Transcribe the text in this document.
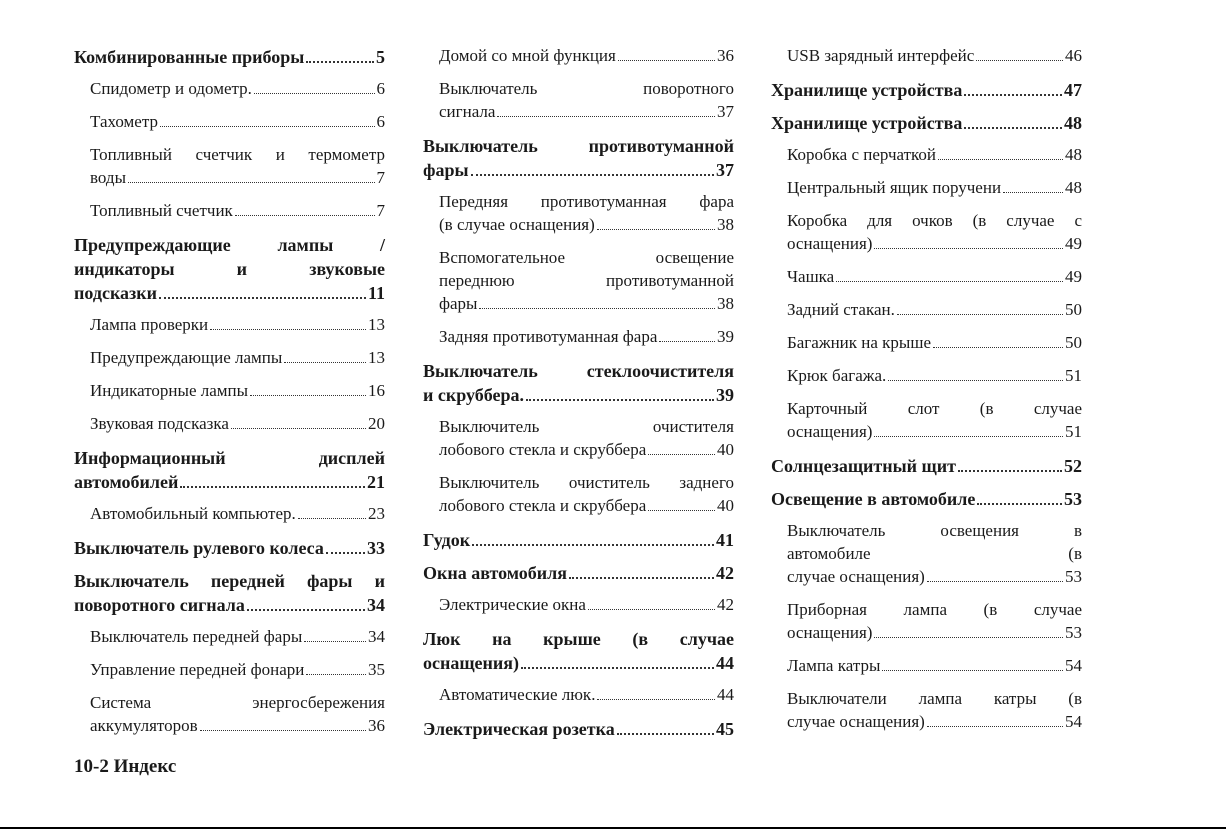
Комбинированные приборы	5
Спидометр и одометр.	6
Тахометр	6
Топливный счетчик и термометр
воды	7
Топливный счетчик	7
Предупреждающие лампы /
индикаторы и звуковые
подсказки	11
Лампа проверки	13
Предупреждающие лампы	13
Индикаторные лампы	16
Звуковая подсказка	20
Информационный дисплей
автомобилей	21
Автомобильный компьютер.	23
Выключатель рулевого колеса 33
Выключатель передней фары и
поворотного сигнала	34
Выключатель передней фары	34
Управление передней фонари	35
Система энергосбережения
аккумуляторов	36
Домой со мной функция	36
Выключатель поворотного
сигнала	37
Выключатель противотуманной
фары	37
Передняя противотуманная фара
(в случае оснащения)	38
Вспомогательное освещение
переднюю противотуманной
фары	38
Задняя противотуманная фара	39
Выключатель стеклоочистителя
и скруббера.	39
Выключитель очистителя
лобового стекла и скруббера	40
Выключитель очиститель заднего
лобового стекла и скруббера	40
Гудок	41
Окна автомобиля	42
Электрические окна	42
Люк на крыше (в случае
оснащения)	44
Автоматические люк.	44
Электрическая розетка	45
USB зарядный интерфейс	46
Хранилище устройства	47
Хранилище устройства	48
Коробка с перчаткой	48
Центральный ящик поручени	48
Коробка для очков (в случае с
оснащения)	49
Чашка	49
Задний стакан.	50
Багажник на крыше	50
Крюк багажа.	51
Карточный слот (в случае
оснащения)	51
Солнцезащитный щит	52
Освещение в автомобиле	53
Выключатель освещения в
автомобиле (в
случае оснащения)	53
Приборная лампа (в случае
оснащения)	53
Лампа катры	54
Выключатели лампа катры (в
случае оснащения)	54
10-2 Индекс
